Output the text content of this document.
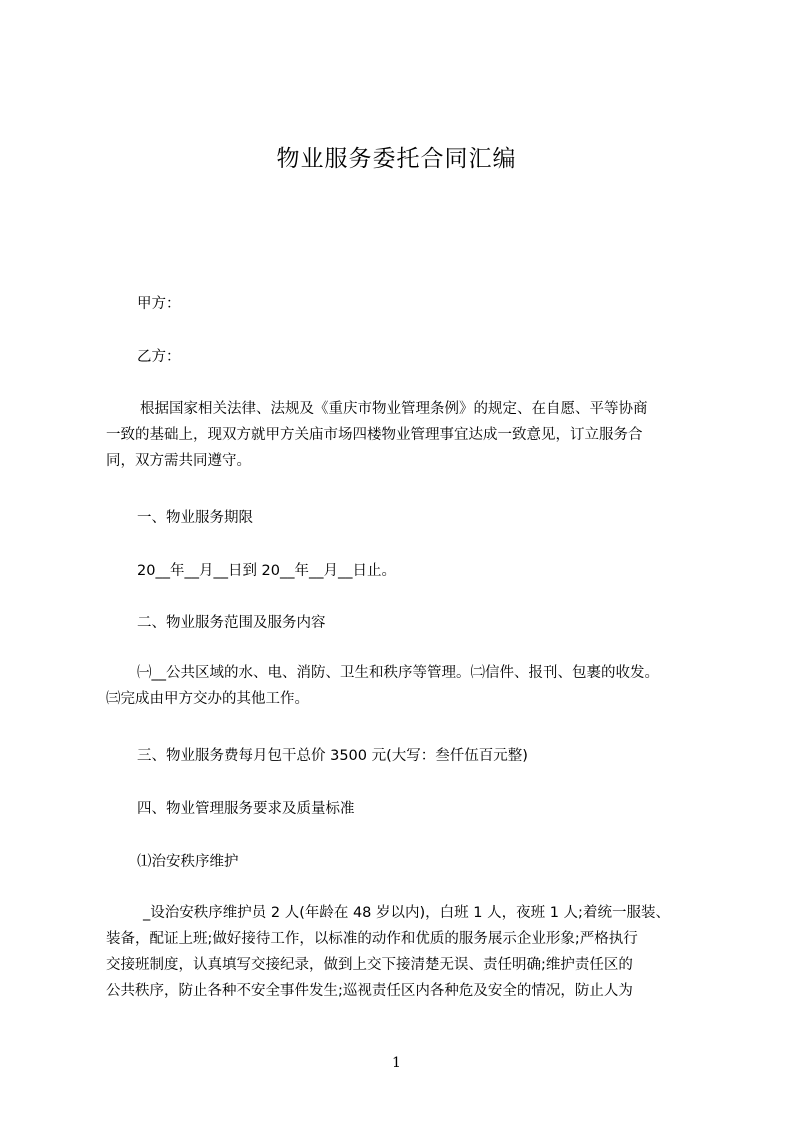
物业服务委托合同汇编
甲方：
乙方：
根据国家相关法律、法规及《重庆市物业管理条例》的规定、在自愿、平等协商
一致的基础上，现双方就甲方关庙市场四楼物业管理事宜达成一致意见，订立服务合
同，双方需共同遵守。
一、物业服务期限
20__年__月__日到 20__年__月__日止。
二、物业服务范围及服务内容
㈠__公共区域的水、电、消防、卫生和秩序等管理。㈡信件、报刊、包裹的收发。
㈢完成由甲方交办的其他工作。
三、物业服务费每月包干总价 3500 元(大写：叁仟伍百元整)
四、物业管理服务要求及质量标准
⑴治安秩序维护
_设治安秩序维护员 2 人(年龄在 48 岁以内)，白班 1 人，夜班 1 人;着统一服装、
装备，配证上班;做好接待工作，以标准的动作和优质的服务展示企业形象;严格执行
交接班制度，认真填写交接纪录，做到上交下接清楚无误、责任明确;维护责任区的
公共秩序，防止各种不安全事件发生;巡视责任区内各种危及安全的情况，防止人为
1
